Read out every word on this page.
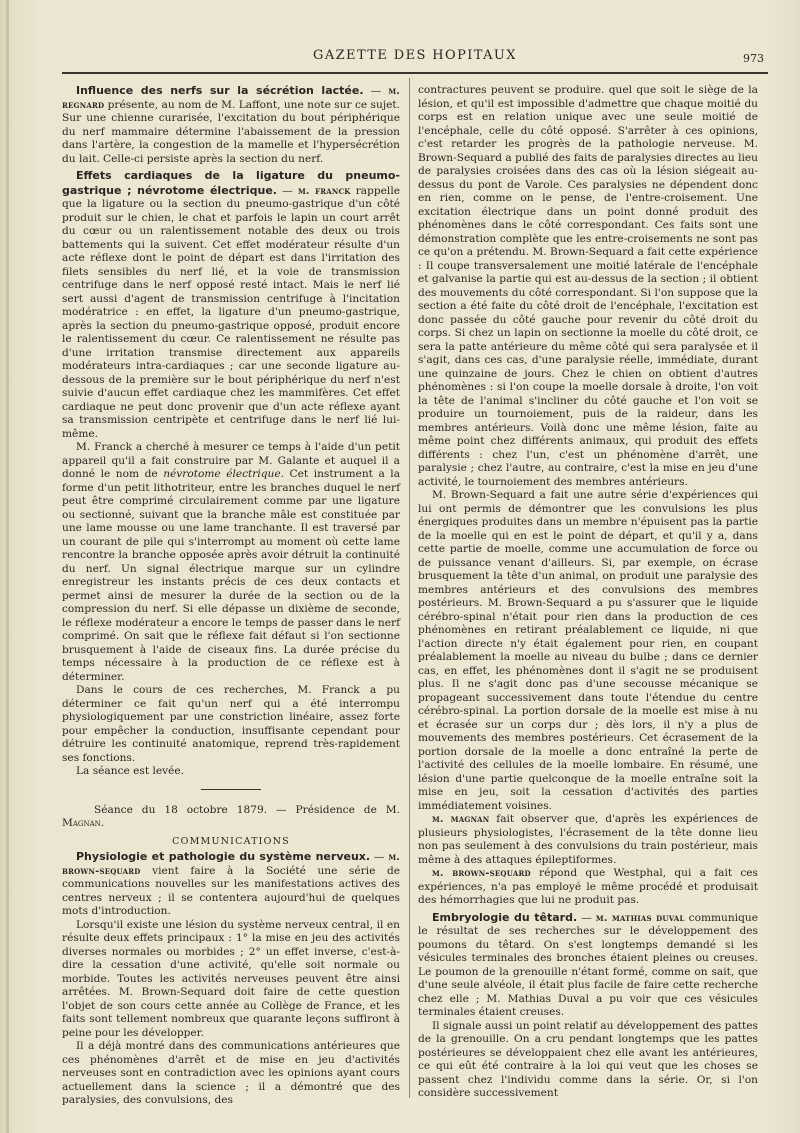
GAZETTE DES HOPITAUX	973

Influence des nerfs sur la sécrétion lactée. — m. regnard présente, au nom de M. Laffont, une note sur ce sujet. Sur une chienne curarisée, l'excitation du bout périphérique du nerf mammaire détermine l'abaissement de la pression dans l'artère, la congestion de la mamelle et l'hypersécrétion du lait. Celle-ci persiste après la section du nerf.

Effets cardiaques de la ligature du pneumo-gastrique ; névrotome électrique. — m. franck rappelle que la ligature ou la section du pneumo-gastrique d'un côté produit sur le chien, le chat et parfois le lapin un court arrêt du cœur ou un ralentissement notable des deux ou trois battements qui la suivent. Cet effet modérateur résulte d'un acte réflexe dont le point de départ est dans l'irritation des filets sensibles du nerf lié, et la voie de transmission centrifuge dans le nerf opposé resté intact. Mais le nerf lié sert aussi d'agent de transmission centrifuge à l'incitation modératrice : en effet, la ligature d'un pneumo-gastrique, après la section du pneumo-gastrique opposé, produit encore le ralentissement du cœur. Ce ralentissement ne résulte pas d'une irritation transmise directement aux appareils modérateurs intra-cardiaques ; car une seconde ligature au-dessous de la première sur le bout périphérique du nerf n'est suivie d'aucun effet cardiaque chez les mammifères. Cet effet cardiaque ne peut donc provenir que d'un acte réflexe ayant sa transmission centripète et centrifuge dans le nerf lié lui-même.

M. Franck a cherché à mesurer ce temps à l'aide d'un petit appareil qu'il a fait construire par M. Galante et auquel il a donné le nom de névrotome électrique. Cet instrument a la forme d'un petit lithotriteur, entre les branches duquel le nerf peut être comprimé circulairement comme par une ligature ou sectionné, suivant que la branche mâle est constituée par une lame mousse ou une lame tranchante. Il est traversé par un courant de pile qui s'interrompt au moment où cette lame rencontre la branche opposée après avoir détruit la continuité du nerf. Un signal électrique marque sur un cylindre enregistreur les instants précis de ces deux contacts et permet ainsi de mesurer la durée de la section ou de la compression du nerf. Si elle dépasse un dixième de seconde, le réflexe modérateur a encore le temps de passer dans le nerf comprimé. On sait que le réflexe fait défaut si l'on sectionne brusquement à l'aide de ciseaux fins. La durée précise du temps nécessaire à la production de ce réflexe est à déterminer.

Dans le cours de ces recherches, M. Franck a pu déterminer ce fait qu'un nerf qui a été interrompu physiologiquement par une constriction linéaire, assez forte pour empêcher la conduction, insuffisante cependant pour détruire les continuité anatomique, reprend très-rapidement ses fonctions.

La séance est levée.

Séance du 18 octobre 1879. — Présidence de M. Magnan.

COMMUNICATIONS

Physiologie et pathologie du système nerveux. — m. brown-sequard vient faire à la Société une série de communications nouvelles sur les manifestations actives des centres nerveux ; il se contentera aujourd'hui de quelques mots d'introduction.

Lorsqu'il existe une lésion du système nerveux central, il en résulte deux effets principaux : 1° la mise en jeu des activités diverses normales ou morbides ; 2° un effet inverse, c'est-à-dire la cessation d'une activité, qu'elle soit normale ou morbide. Toutes les activités nerveuses peuvent être ainsi arrêtées. M. Brown-Sequard doit faire de cette question l'objet de son cours cette année au Collège de France, et les faits sont tellement nombreux que quarante leçons suffiront à peine pour les développer.

Il a déjà montré dans des communications antérieures que ces phénomènes d'arrêt et de mise en jeu d'activités nerveuses sont en contradiction avec les opinions ayant cours actuellement dans la science ; il a démontré que des paralysies, des convulsions, des

contractures peuvent se produire. quel que soit le siège de la lésion, et qu'il est impossible d'admettre que chaque moitié du corps est en relation unique avec une seule moitié de l'encéphale, celle du côté opposé. S'arrêter à ces opinions, c'est retarder les progrès de la pathologie nerveuse. M. Brown-Sequard a publié des faits de paralysies directes au lieu de paralysies croisées dans des cas où la lésion siégeait au-dessus du pont de Varole. Ces paralysies ne dépendent donc en rien, comme on le pense, de l'entre-croisement. Une excitation électrique dans un point donné produit des phénomènes dans le côté correspondant. Ces faits sont une démonstration complète que les entre-croisements ne sont pas ce qu'on a prétendu. M. Brown-Sequard a fait cette expérience : Il coupe transversalement une moitié latérale de l'encéphale et galvanise la partie qui est au-dessus de la section ; il obtient des mouvements du côté correspondant. Si l'on suppose que la section a été faite du côté droit de l'encéphale, l'excitation est donc passée du côté gauche pour revenir du côté droit du corps. Si chez un lapin on sectionne la moelle du côté droit, ce sera la patte antérieure du même côté qui sera paralysée et il s'agit, dans ces cas, d'une paralysie réelle, immédiate, durant une quinzaine de jours. Chez le chien on obtient d'autres phénomènes : si l'on coupe la moelle dorsale à droite, l'on voit la tête de l'animal s'incliner du côté gauche et l'on voit se produire un tournoiement, puis de la raideur, dans les membres antérieurs. Voilà donc une même lésion, faite au même point chez différents animaux, qui produit des effets différents : chez l'un, c'est un phénomène d'arrêt, une paralysie ; chez l'autre, au contraire, c'est la mise en jeu d'une activité, le tournoiement des membres antérieurs.

M. Brown-Sequard a fait une autre série d'expériences qui lui ont permis de démontrer que les convulsions les plus énergiques produites dans un membre n'épuisent pas la partie de la moelle qui en est le point de départ, et qu'il y a, dans cette partie de moelle, comme une accumulation de force ou de puissance venant d'ailleurs. Si, par exemple, on écrase brusquement la tête d'un animal, on produit une paralysie des membres antérieurs et des convulsions des membres postérieurs. M. Brown-Sequard a pu s'assurer que le liquide cérébro-spinal n'était pour rien dans la production de ces phénomènes en retirant préalablement ce liquide, ni que l'action directe n'y était également pour rien, en coupant préalablement la moelle au niveau du bulbe ; dans ce dernier cas, en effet, les phénomènes dont il s'agit ne se produisent plus. Il ne s'agit donc pas d'une secousse mécanique se propageant successivement dans toute l'étendue du centre cérébro-spinal. La portion dorsale de la moelle est mise à nu et écrasée sur un corps dur ; dès lors, il n'y a plus de mouvements des membres postérieurs. Cet écrasement de la portion dorsale de la moelle a donc entraîné la perte de l'activité des cellules de la moelle lombaire. En résumé, une lésion d'une partie quelconque de la moelle entraîne soit la mise en jeu, soit la cessation d'activités des parties immédiatement voisines.

m. magnan fait observer que, d'après les expériences de plusieurs physiologistes, l'écrasement de la tête donne lieu non pas seulement à des convulsions du train postérieur, mais même à des attaques épileptiformes.

m. brown-sequard répond que Westphal, qui a fait ces expériences, n'a pas employé le même procédé et produisait des hémorrhagies que lui ne produit pas.

Embryologie du têtard. — m. mathias duval communique le résultat de ses recherches sur le développement des poumons du têtard. On s'est longtemps demandé si les vésicules terminales des bronches étaient pleines ou creuses. Le poumon de la grenouille n'étant formé, comme on sait, que d'une seule alvéole, il était plus facile de faire cette recherche chez elle ; M. Mathias Duval a pu voir que ces vésicules terminales étaient creuses.

Il signale aussi un point relatif au développement des pattes de la grenouille. On a cru pendant longtemps que les pattes postérieures se développaient chez elle avant les antérieures, ce qui eût été contraire à la loi qui veut que les choses se passent chez l'individu comme dans la série. Or, si l'on considère successivement
